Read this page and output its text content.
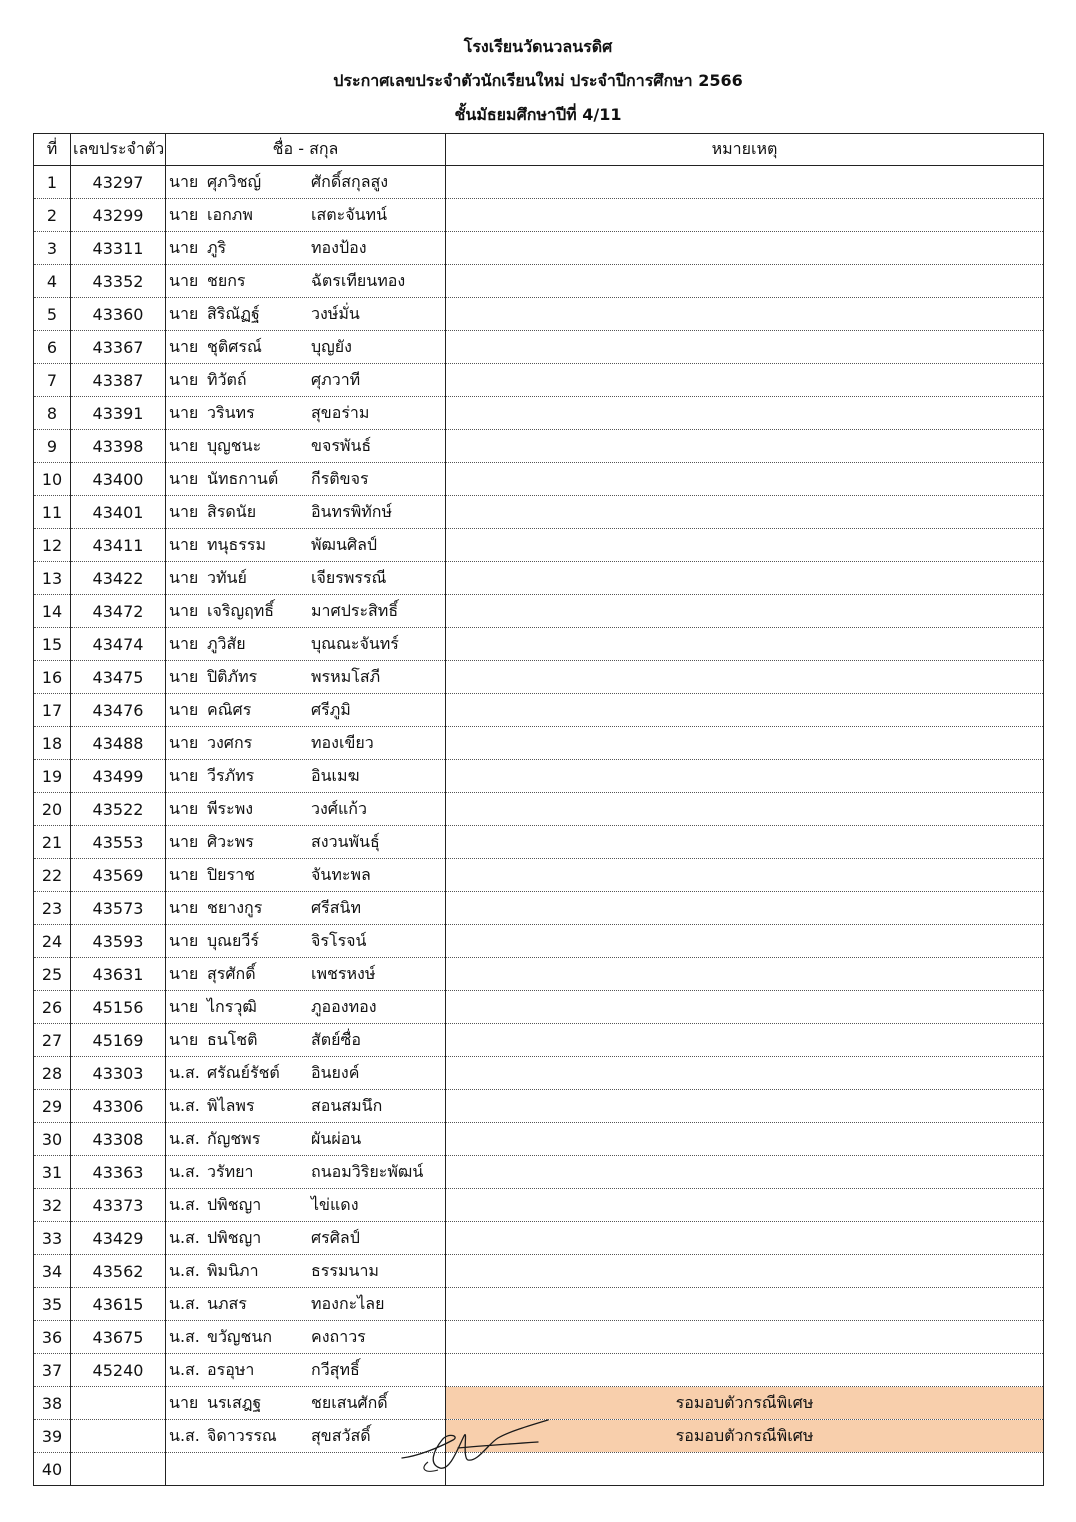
โรงเรียนวัดนวลนรดิศ
ประกาศเลขประจำตัวนักเรียนใหม่ ประจำปีการศึกษา 2566
ชั้นมัธยมศึกษาปีที่ 4/11
ที่	เลขประจำตัว	ชื่อ - สกุล	หมายเหตุ
1	43297	นาย ศุภวิชญ์ ศักดิ์สกุลสูง	
2	43299	นาย เอกภพ เสตะจันทน์	
3	43311	นาย ภูริ ทองป้อง	
4	43352	นาย ชยกร ฉัตรเทียนทอง	
5	43360	นาย สิริณัฏฐ์ วงษ์มั่น	
6	43367	นาย ชุติศรณ์ บุญยัง	
7	43387	นาย ทิวัตถ์ ศุภวาที	
8	43391	นาย วรินทร สุขอร่าม	
9	43398	นาย บุญชนะ ขจรพันธ์	
10	43400	นาย นัทธกานต์ กีรติขจร	
11	43401	นาย สิรดนัย อินทรพิทักษ์	
12	43411	นาย ทนุธรรม พัฒนศิลป์	
13	43422	นาย วทันย์ เจียรพรรณี	
14	43472	นาย เจริญฤทธิ์ มาศประสิทธิ์	
15	43474	นาย ภูวิสัย บุณณะจันทร์	
16	43475	นาย ปิติภัทร พรหมโสภี	
17	43476	นาย คณิศร ศรีภูมิ	
18	43488	นาย วงศกร ทองเขียว	
19	43499	นาย วีรภัทร อินเมฆ	
20	43522	นาย พีระพง วงศ์แก้ว	
21	43553	นาย ศิวะพร สงวนพันธุ์	
22	43569	นาย ปิยราช จันทะพล	
23	43573	นาย ชยางกูร ศรีสนิท	
24	43593	นาย บุณยวีร์ จิรโรจน์	
25	43631	นาย สุรศักดิ์ เพชรหงษ์	
26	45156	นาย ไกรวุฒิ ภูอองทอง	
27	45169	นาย ธนโชติ สัตย์ซื่อ	
28	43303	น.ส. ศรัณย์รัชต์ อินยงค์	
29	43306	น.ส. พิไลพร สอนสมนึก	
30	43308	น.ส. กัญชพร ผันผ่อน	
31	43363	น.ส. วรัทยา ถนอมวิริยะพัฒน์	
32	43373	น.ส. ปพิชญา ไข่แดง	
33	43429	น.ส. ปพิชญา ศรศิลป์	
34	43562	น.ส. พิมนิภา ธรรมนาม	
35	43615	น.ส. นภสร ทองกะไลย	
36	43675	น.ส. ขวัญชนก คงถาวร	
37	45240	น.ส. อรอุษา กวีสุทธิ์	
38		นาย นรเสฎฐ ชยเสนศักดิ์	รอมอบตัวกรณีพิเศษ
39		น.ส. จิดาวรรณ สุขสวัสดิ์	รอมอบตัวกรณีพิเศษ
40			
